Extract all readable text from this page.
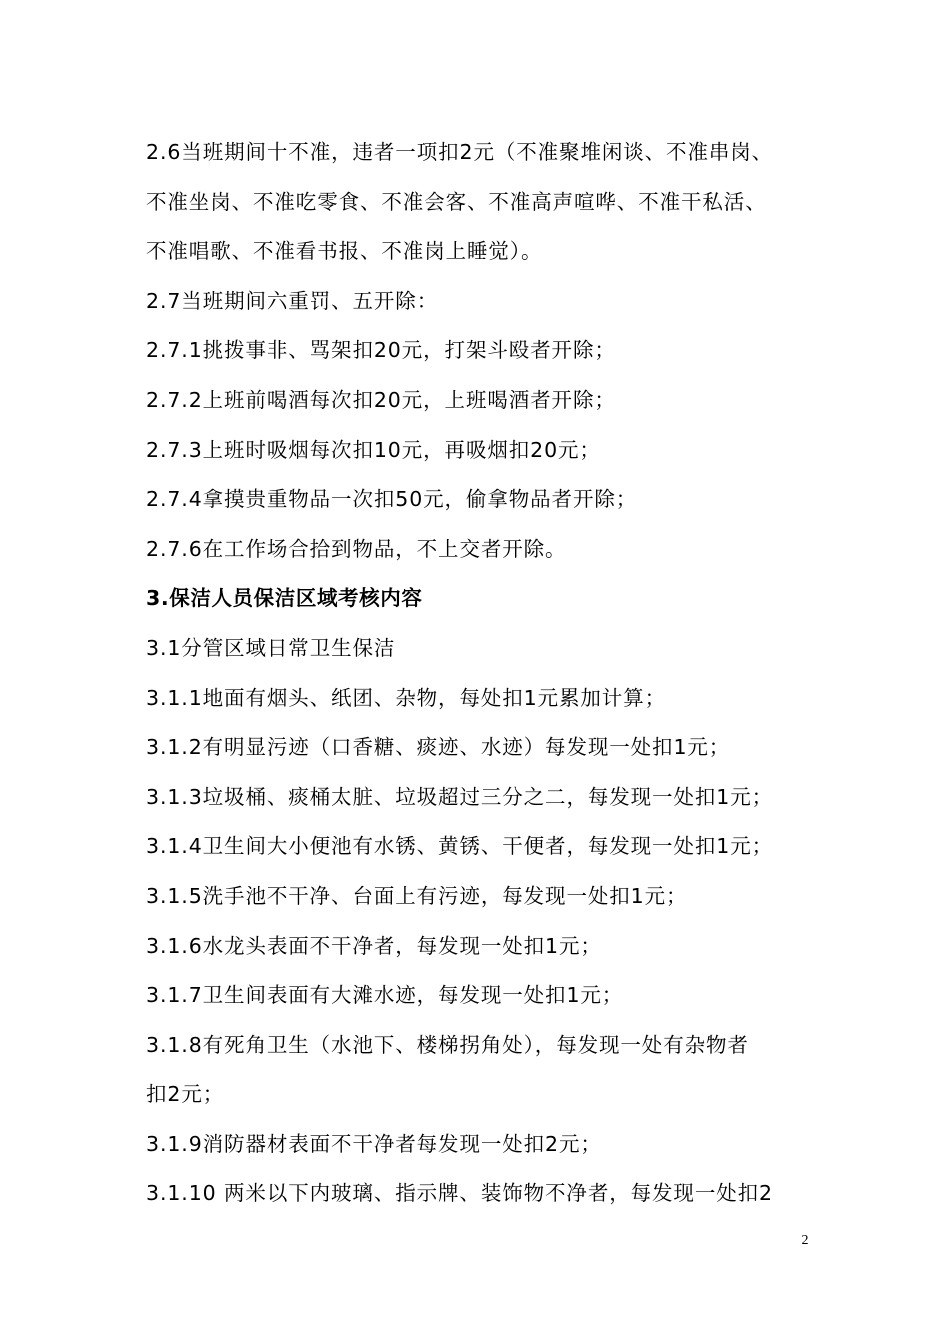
2.6当班期间十不准，违者一项扣2元（不准聚堆闲谈、不准串岗、
不准坐岗、不准吃零食、不准会客、不准高声喧哗、不准干私活、
不准唱歌、不准看书报、不准岗上睡觉）。
2.7当班期间六重罚、五开除：
2.7.1挑拨事非、骂架扣20元，打架斗殴者开除；
2.7.2上班前喝酒每次扣20元，上班喝酒者开除；
2.7.3上班时吸烟每次扣10元，再吸烟扣20元；
2.7.4拿摸贵重物品一次扣50元，偷拿物品者开除；
2.7.6在工作场合拾到物品，不上交者开除。
3.保洁人员保洁区域考核内容
3.1分管区域日常卫生保洁
3.1.1地面有烟头、纸团、杂物，每处扣1元累加计算；
3.1.2有明显污迹（口香糖、痰迹、水迹）每发现一处扣1元；
3.1.3垃圾桶、痰桶太脏、垃圾超过三分之二，每发现一处扣1元；
3.1.4卫生间大小便池有水锈、黄锈、干便者，每发现一处扣1元；
3.1.5洗手池不干净、台面上有污迹，每发现一处扣1元；
3.1.6水龙头表面不干净者，每发现一处扣1元；
3.1.7卫生间表面有大滩水迹，每发现一处扣1元；
3.1.8有死角卫生（水池下、楼梯拐角处），每发现一处有杂物者
扣2元；
3.1.9消防器材表面不干净者每发现一处扣2元；
3.1.10 两米以下内玻璃、指示牌、装饰物不净者，每发现一处扣2
2
